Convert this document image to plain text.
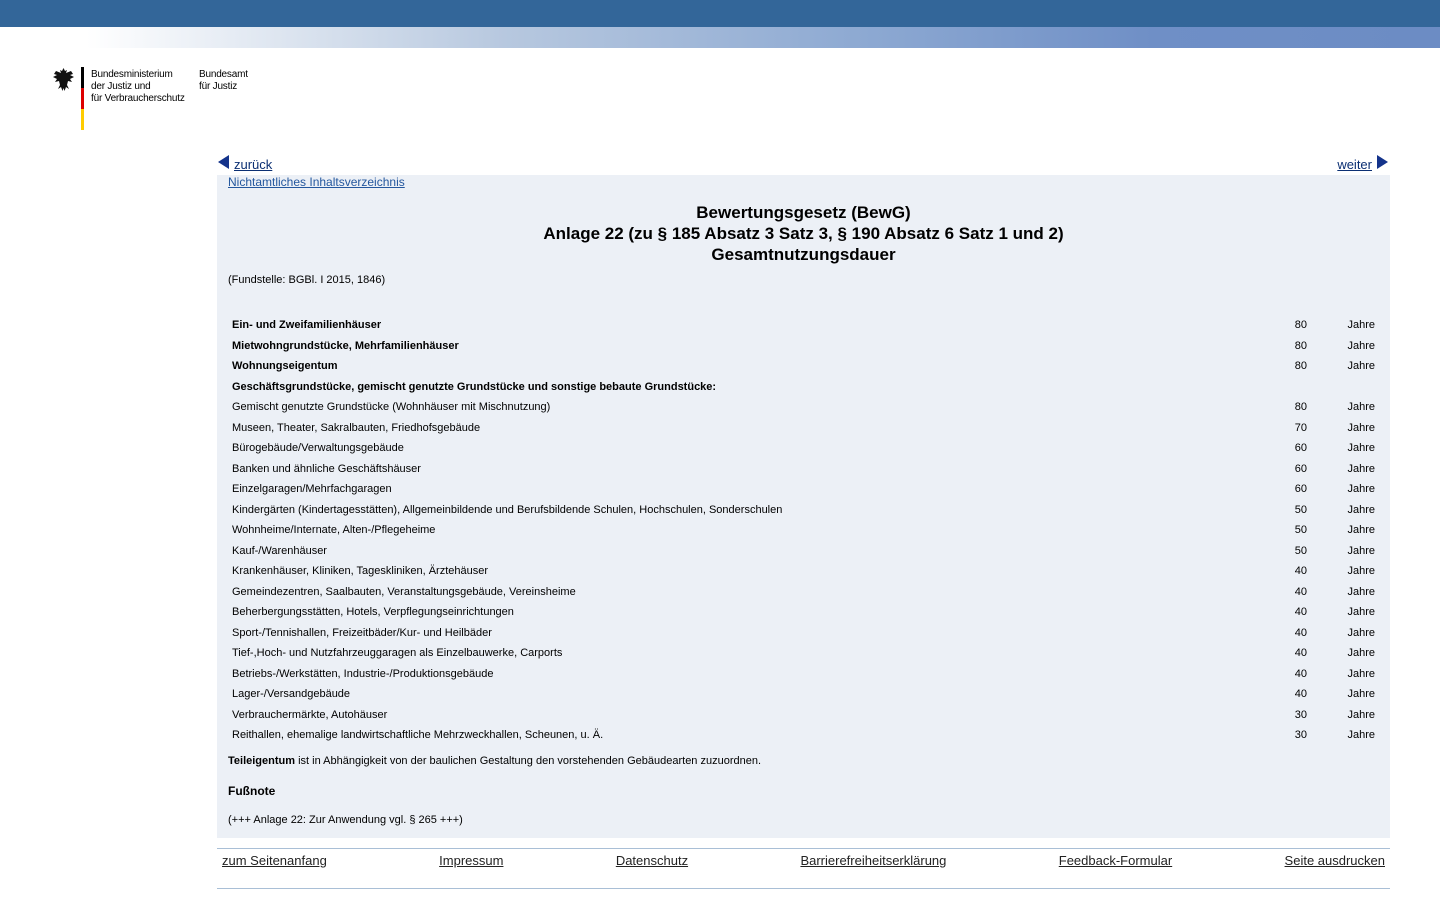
Bundesministerium
der Justiz und
für Verbraucherschutz
Bundesamt
für Justiz
zurück	weiter
Nichtamtliches Inhaltsverzeichnis
Bewertungsgesetz (BewG)
Anlage 22 (zu § 185 Absatz 3 Satz 3, § 190 Absatz 6 Satz 1 und 2)
Gesamtnutzungsdauer
(Fundstelle: BGBl. I 2015, 1846)
Ein- und Zweifamilienhäuser	80	Jahre
Mietwohngrundstücke, Mehrfamilienhäuser	80	Jahre
Wohnungseigentum	80	Jahre
Geschäftsgrundstücke, gemischt genutzte Grundstücke und sonstige bebaute Grundstücke:		
Gemischt genutzte Grundstücke (Wohnhäuser mit Mischnutzung)	80	Jahre
Museen, Theater, Sakralbauten, Friedhofsgebäude	70	Jahre
Bürogebäude/Verwaltungsgebäude	60	Jahre
Banken und ähnliche Geschäftshäuser	60	Jahre
Einzelgaragen/Mehrfachgaragen	60	Jahre
Kindergärten (Kindertagesstätten), Allgemeinbildende und Berufsbildende Schulen, Hochschulen, Sonderschulen	50	Jahre
Wohnheime/Internate, Alten-/Pflegeheime	50	Jahre
Kauf-/Warenhäuser	50	Jahre
Krankenhäuser, Kliniken, Tageskliniken, Ärztehäuser	40	Jahre
Gemeindezentren, Saalbauten, Veranstaltungsgebäude, Vereinsheime	40	Jahre
Beherbergungsstätten, Hotels, Verpflegungseinrichtungen	40	Jahre
Sport-/Tennishallen, Freizeitbäder/Kur- und Heilbäder	40	Jahre
Tief-,Hoch- und Nutzfahrzeuggaragen als Einzelbauwerke, Carports	40	Jahre
Betriebs-/Werkstätten, Industrie-/Produktionsgebäude	40	Jahre
Lager-/Versandgebäude	40	Jahre
Verbrauchermärkte, Autohäuser	30	Jahre
Reithallen, ehemalige landwirtschaftliche Mehrzweckhallen, Scheunen, u. Ä.	30	Jahre
Teileigentum ist in Abhängigkeit von der baulichen Gestaltung den vorstehenden Gebäudearten zuzuordnen.
Fußnote
(+++ Anlage 22: Zur Anwendung vgl. § 265 +++)
zum Seitenanfang	Impressum	Datenschutz	Barrierefreiheitserklärung	Feedback-Formular	Seite ausdrucken
